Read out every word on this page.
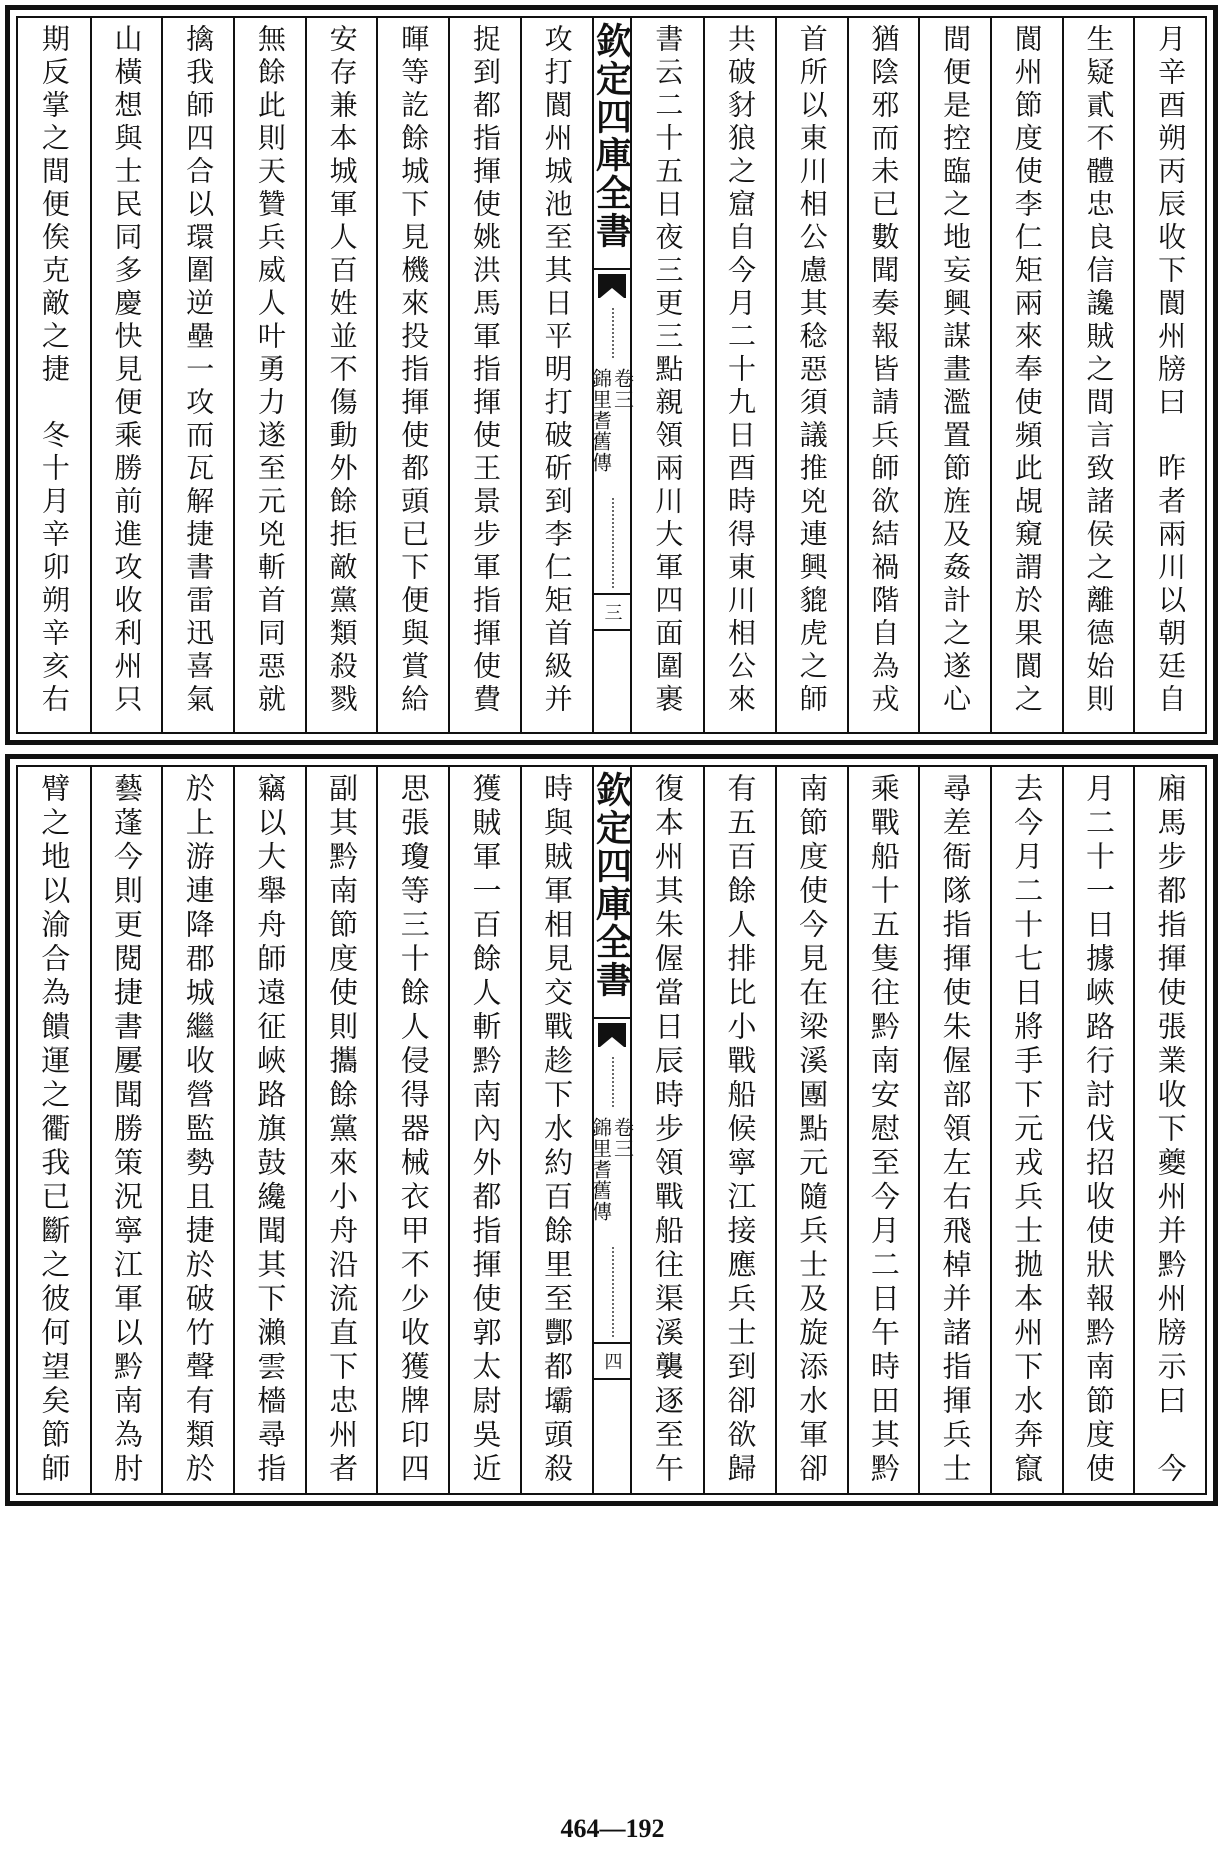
期反掌之間便俟克敵之捷　冬十月辛卯朔辛亥右 山橫想與士民同多慶快見便乘勝前進攻收利州只 擒我師四合以環圍逆壘一攻而瓦解捷書雷迅喜氣 無餘此則天贊兵威人叶勇力遂至元兇斬首同惡就 安存兼本城軍人百姓並不傷動外餘拒敵黨類殺戮 暉等訖餘城下見機來投指揮使都頭已下便與賞給 捉到都指揮使姚洪馬軍指揮使王景步軍指揮使費 攻打閬州城池至其日平明打破斫到李仁矩首級并 欽定四庫全書
錦里耆舊傳
卷三
三 書云二十五日夜三更三點親領兩川大軍四面圍裹 共破豺狼之窟自今月二十九日酉時得東川相公來 首所以東川相公慮其稔惡須議推兇連興貔虎之師 猶陰邪而未已數聞奏報皆請兵師欲結禍階自為戎 間便是控臨之地妄興謀畫濫置節旌及姦計之遂心 閬州節度使李仁矩兩來奉使頻此覘窺謂於果閬之 生疑貳不體忠良信讒賊之間言致諸侯之離德始則 月辛酉朔丙辰收下閬州牓曰　昨者兩川以朝廷自
臂之地以渝合為饋運之衢我已斷之彼何望矣節師 藝蓬今則更閱捷書屢聞勝策況寧江軍以黔南為肘 於上游連降郡城繼收營監勢且捷於破竹聲有類於 竊以大舉舟師遠征峽路旗鼓纔聞其下瀨雲檣尋指 副其黔南節度使則攜餘黨來小舟沿流直下忠州者 思張瓊等三十餘人侵得器械衣甲不少收獲牌印四 獲賊軍一百餘人斬黔南內外都指揮使郭太尉吳近 時與賊軍相見交戰趁下水約百餘里至酆都壩頭殺 欽定四庫全書
錦里耆舊傳
卷三
四 復本州其朱偓當日辰時步領戰船往渠溪襲逐至午 有五百餘人排比小戰船候寧江接應兵士到卻欲歸 南節度使今見在梁溪團點元隨兵士及旋添水軍卻 乘戰船十五隻往黔南安慰至今月二日午時田其黔 尋差衙隊指揮使朱偓部領左右飛棹并諸指揮兵士 去今月二十七日將手下元戎兵士拋本州下水奔竄 月二十一日據峽路行討伐招收使狀報黔南節度使 廂馬步都指揮使張業收下夔州并黔州牓示曰　今
464—192
